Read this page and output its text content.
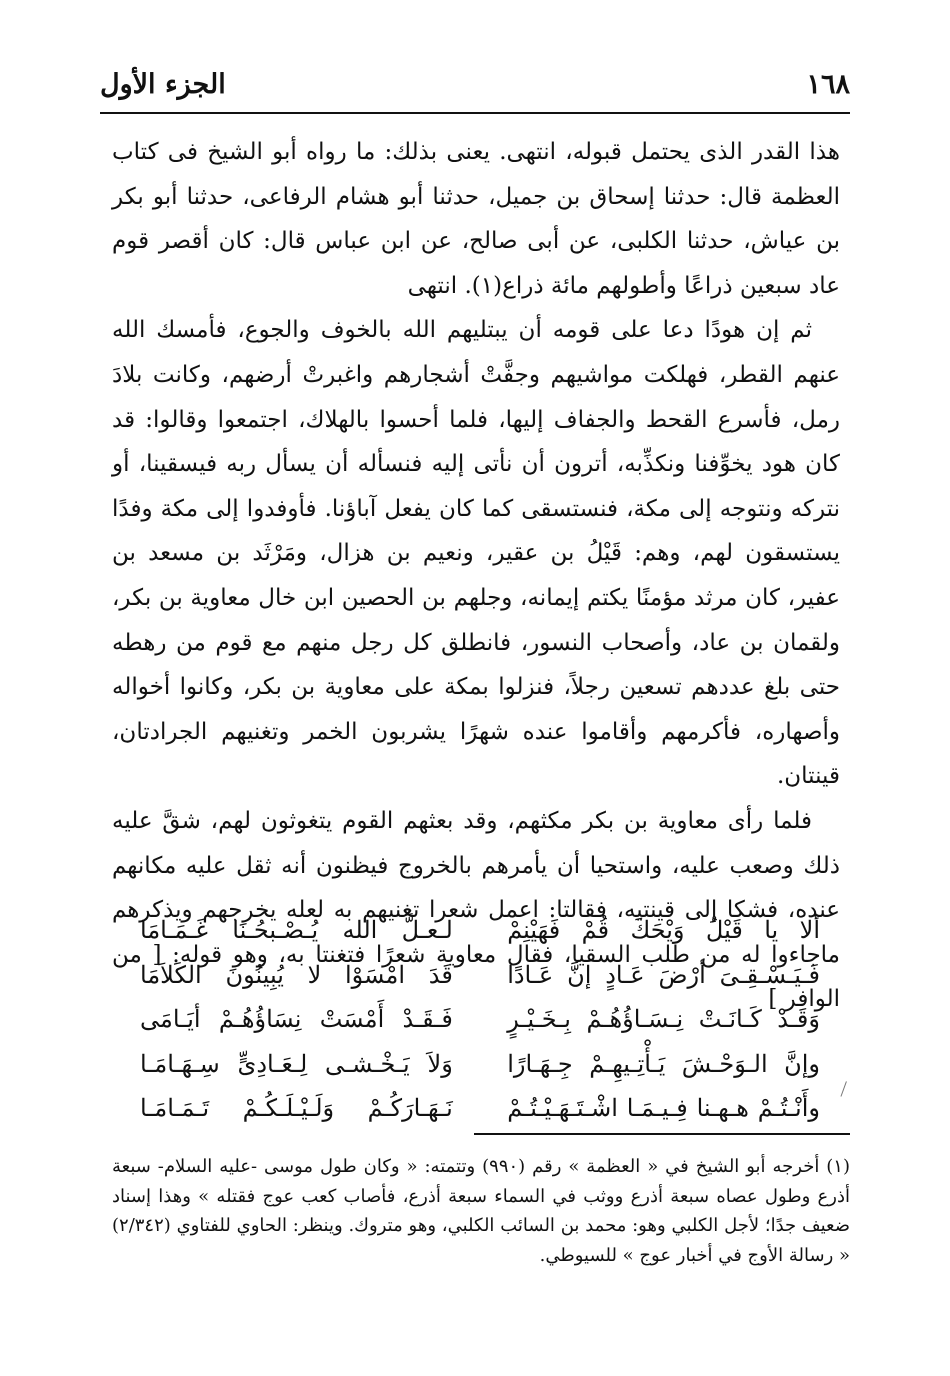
١٦٨
الجزء الأول

هذا القدر الذى يحتمل قبوله، انتهى. يعنى بذلك: ما رواه أبو الشيخ فى كتاب العظمة قال: حدثنا إسحاق بن جميل، حدثنا أبو هشام الرفاعى، حدثنا أبو بكر بن عياش، حدثنا الكلبى، عن أبى صالح، عن ابن عباس قال: كان أقصر قوم عاد سبعين ذراعًا وأطولهم مائة ذراع(١). انتهى

ثم إن هودًا دعا على قومه أن يبتليهم الله بالخوف والجوع، فأمسك الله عنهم القطر، فهلكت مواشيهم وجفَّتْ أشجارهم واغبرتْ أرضهم، وكانت بلادَ رمل، فأسرع القحط والجفاف إليها، فلما أحسوا بالهلاك، اجتمعوا وقالوا: قد كان هود يخوِّفنا ونكذِّبه، أترون أن نأتى إليه فنسأله أن يسأل ربه فيسقينا، أو نتركه ونتوجه إلى مكة، فنستسقى كما كان يفعل آباؤنا. فأوفدوا إلى مكة وفدًا يستسقون لهم، وهم: قَيْلُ بن عقير، ونعيم بن هزال، ومَرْثَد بن مسعد بن عفير، كان مرثد مؤمنًا يكتم إيمانه، وجلهم بن الحصين ابن خال معاوية بن بكر، ولقمان بن عاد، وأصحاب النسور، فانطلق كل رجل منهم مع قوم من رهطه حتى بلغ عددهم تسعين رجلاً، فنزلوا بمكة على معاوية بن بكر، وكانوا أخواله وأصهاره، فأكرمهم وأقاموا عنده شهرًا يشربون الخمر وتغنيهم الجرادتان، قينتان.

فلما رأى معاوية بن بكر مكثهم، وقد بعثهم القوم يتغوثون لهم، شقَّ عليه ذلك وصعب عليه، واستحيا أن يأمرهم بالخروج فيظنون أنه ثقل عليه مكانهم عنده، فشكا إلى قينتيه، فقالتا: اعمل شعرا تغنيهم به لعله يخرجهم ويذكرهم ماجاءوا له من طلب السقيا، فقال معاوية شعرًا فتغنتا به، وهو قوله: [ من الوافر ]

ألا يا قَيْلُ وَيْحَكَ قُمْ فَهَيْنِمْ
لـعـلَّ الله يُـصْـبحُـنَا غَـمَـامَا
فَـيَـسْـقِـىَ أرْضَ عَـادٍ إنَّ عَـادًا
قَدَ امْسَوْا لا يُبِينُونَ الكَلاَمَا
وَقَـدْ كَـانَـتْ نِـسَـاؤُهُـمْ بِـخَـيْـرٍ
فَـقَـدْ أَمْسَتْ نِسَاؤُهُـمْ أيَـامَى
وإنَّ الـوَحْـشَ يَـأْتِـيهِـمْ جِـهَـارًا
وَلاَ يَـخْـشـى لِـعَـادِىٍّ سِـهَـامَـا
وأَنْـتُـمْ هـهـنا فِـيـمَـا اشْـتَـهَـيْـتُـمْ
نَـهَـارَكُـمْ وَلَـيْـلَـكُـمْ تَـمَـامَـا

(١) أخرجه أبو الشيخ في « العظمة » رقم (٩٩٠) وتتمته: « وكان طول موسى -عليه السلام- سبعة أذرع وطول عصاه سبعة أذرع ووثب في السماء سبعة أذرع، فأصاب كعب عوج فقتله » وهذا إسناد ضعيف جدًا؛ لأجل الكلبي وهو: محمد بن السائب الكلبي، وهو متروك. وينظر: الحاوي للفتاوي (٢/٣٤٢) « رسالة الأوج في أخبار عوج » للسيوطي.
